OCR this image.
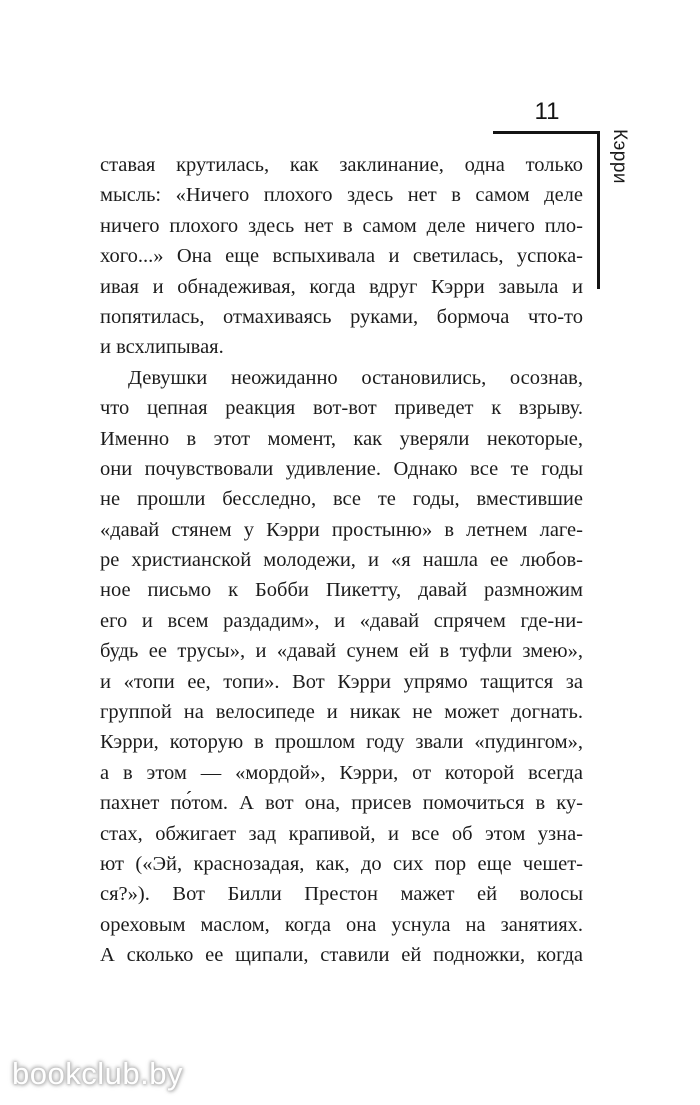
11
Кэрри
ставая крутилась, как заклинание, одна только
мысль: «Ничего плохого здесь нет в самом деле
ничего плохого здесь нет в самом деле ничего пло-
хого...» Она еще вспыхивала и светилась, успока-
ивая и обнадеживая, когда вдруг Кэрри завыла и
попятилась, отмахиваясь руками, бормоча что-то
и всхлипывая.
Девушки неожиданно остановились, осознав,
что цепная реакция вот-вот приведет к взрыву.
Именно в этот момент, как уверяли некоторые,
они почувствовали удивление. Однако все те годы
не прошли бесследно, все те годы, вместившие
«давай стянем у Кэрри простыню» в летнем лаге-
ре христианской молодежи, и «я нашла ее любов-
ное письмо к Бобби Пикетту, давай размножим
его и всем раздадим», и «давай спрячем где-ни-
будь ее трусы», и «давай сунем ей в туфли змею»,
и «топи ее, топи». Вот Кэрри упрямо тащится за
группой на велосипеде и никак не может догнать.
Кэрри, которую в прошлом году звали «пудингом»,
а в этом — «мордой», Кэрри, от которой всегда
пахнет по́том. А вот она, присев помочиться в ку-
стах, обжигает зад крапивой, и все об этом узна-
ют («Эй, краснозадая, как, до сих пор еще чешет-
ся?»). Вот Билли Престон мажет ей волосы
ореховым маслом, когда она уснула на занятиях.
А сколько ее щипали, ставили ей подножки, когда
bookclub.by
